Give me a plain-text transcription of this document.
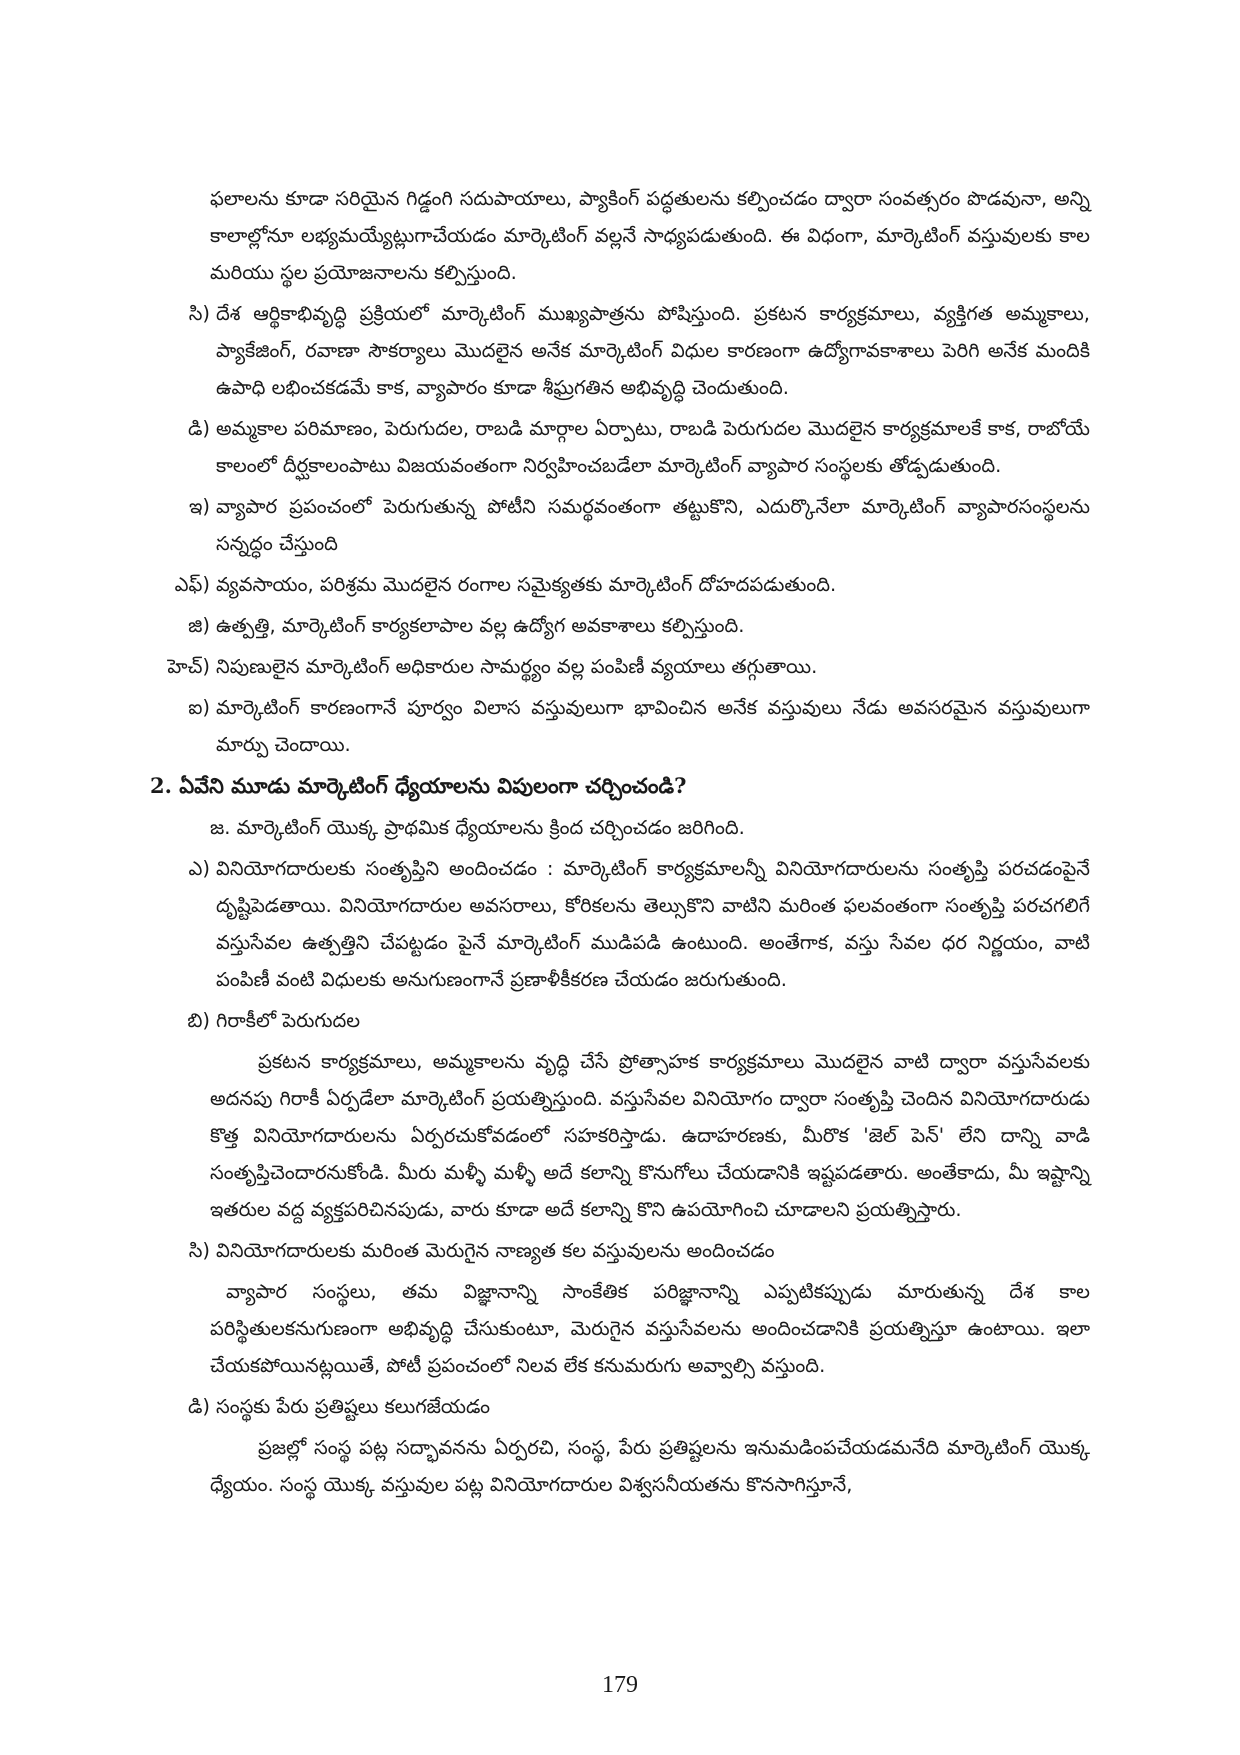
ఫలాలను కూడా సరియైన గిడ్డంగి సదుపాయాలు, ప్యాకింగ్ పద్ధతులను కల్పించడం ద్వారా సంవత్సరం పొడవునా, అన్ని కాలాల్లోనూ లభ్యమయ్యేట్లుగాచేయడం మార్కెటింగ్ వల్లనే సాధ్యపడుతుంది. ఈ విధంగా, మార్కెటింగ్ వస్తువులకు కాల మరియు స్థల ప్రయోజనాలను కల్పిస్తుంది.

సి) దేశ ఆర్థికాభివృద్ధి ప్రక్రియలో మార్కెటింగ్ ముఖ్యపాత్రను పోషిస్తుంది. ప్రకటన కార్యక్రమాలు, వ్యక్తిగత అమ్మకాలు, ప్యాకేజింగ్, రవాణా సౌకర్యాలు మొదలైన అనేక మార్కెటింగ్ విధుల కారణంగా ఉద్యోగావకాశాలు పెరిగి అనేక మందికి ఉపాధి లభించకడమే కాక, వ్యాపారం కూడా శీఘ్రగతిన అభివృద్ధి చెందుతుంది.
డి) అమ్మకాల పరిమాణం, పెరుగుదల, రాబడి మార్గాల ఏర్పాటు, రాబడి పెరుగుదల మొదలైన కార్యక్రమాలకే కాక, రాబోయే కాలంలో దీర్ఘకాలంపాటు విజయవంతంగా నిర్వహించబడేలా మార్కెటింగ్ వ్యాపార సంస్థలకు తోడ్పడుతుంది.
ఇ) వ్యాపార ప్రపంచంలో పెరుగుతున్న పోటీని సమర్థవంతంగా తట్టుకొని, ఎదుర్కొనేలా మార్కెటింగ్ వ్యాపారసంస్థలను సన్నద్ధం చేస్తుంది
ఎఫ్) వ్యవసాయం, పరిశ్రమ మొదలైన రంగాల సమైక్యతకు మార్కెటింగ్ దోహదపడుతుంది.
జి) ఉత్పత్తి, మార్కెటింగ్ కార్యకలాపాల వల్ల ఉద్యోగ అవకాశాలు కల్పిస్తుంది.
హెచ్) నిపుణులైన మార్కెటింగ్ అధికారుల సామర్థ్యం వల్ల పంపిణీ వ్యయాలు తగ్గుతాయి.
ఐ) మార్కెటింగ్ కారణంగానే పూర్వం విలాస వస్తువులుగా భావించిన అనేక వస్తువులు నేడు అవసరమైన వస్తువులుగా మార్పు చెందాయి.
2. ఏవేని మూడు మార్కెటింగ్ ధ్యేయాలను విపులంగా చర్చించండి?

జ. మార్కెటింగ్ యొక్క ప్రాథమిక ధ్యేయాలను క్రింద చర్చించడం జరిగింది.

ఎ) వినియోగదారులకు సంతృప్తిని అందించడం : మార్కెటింగ్ కార్యక్రమాలన్నీ వినియోగదారులను సంతృప్తి పరచడంపైనే దృష్టిపెడతాయి. వినియోగదారుల అవసరాలు, కోరికలను తెల్సుకొని వాటిని మరింత ఫలవంతంగా సంతృప్తి పరచగలిగే వస్తుసేవల ఉత్పత్తిని చేపట్టడం పైనే మార్కెటింగ్ ముడిపడి ఉంటుంది. అంతేగాక, వస్తు సేవల ధర నిర్ణయం, వాటి పంపిణీ వంటి విధులకు అనుగుణంగానే ప్రణాళీకీకరణ చేయడం జరుగుతుంది.
బి) గిరాకీలో పెరుగుదల

ప్రకటన కార్యక్రమాలు, అమ్మకాలను వృద్ధి చేసే ప్రోత్సాహక కార్యక్రమాలు మొదలైన వాటి ద్వారా వస్తుసేవలకు అదనపు గిరాకీ ఏర్పడేలా మార్కెటింగ్ ప్రయత్నిస్తుంది. వస్తుసేవల వినియోగం ద్వారా సంతృప్తి చెందిన వినియోగదారుడు కొత్త వినియోగదారులను ఏర్పరచుకోవడంలో సహకరిస్తాడు. ఉదాహరణకు, మీరొక 'జెల్ పెన్' లేని దాన్ని వాడి సంతృప్తిచెందారనుకోండి. మీరు మళ్ళీ మళ్ళీ అదే కలాన్ని కొనుగోలు చేయడానికి ఇష్టపడతారు. అంతేకాదు, మీ ఇష్టాన్ని ఇతరుల వద్ద వ్యక్తపరిచినపుడు, వారు కూడా అదే కలాన్ని కొని ఉపయోగించి చూడాలని ప్రయత్నిస్తారు.

సి) వినియోగదారులకు మరింత మెరుగైన నాణ్యత కల వస్తువులను అందించడం

వ్యాపార సంస్థలు, తమ విజ్ఞానాన్ని సాంకేతిక పరిజ్ఞానాన్ని ఎప్పటికప్పుడు మారుతున్న దేశ కాల పరిస్థితులకనుగుణంగా అభివృద్ధి చేసుకుంటూ, మెరుగైన వస్తుసేవలను అందించడానికి ప్రయత్నిస్తూ ఉంటాయి. ఇలా చేయకపోయినట్లయితే, పోటీ ప్రపంచంలో నిలవ లేక కనుమరుగు అవ్వాల్సి వస్తుంది.

డి) సంస్థకు పేరు ప్రతిష్టలు కలుగజేయడం

ప్రజల్లో సంస్థ పట్ల సద్భావనను ఏర్పరచి, సంస్థ, పేరు ప్రతిష్టలను ఇనుమడింపచేయడమనేది మార్కెటింగ్ యొక్క ధ్యేయం. సంస్థ యొక్క వస్తువుల పట్ల వినియోగదారుల విశ్వసనీయతను కొనసాగిస్తూనే,

179
